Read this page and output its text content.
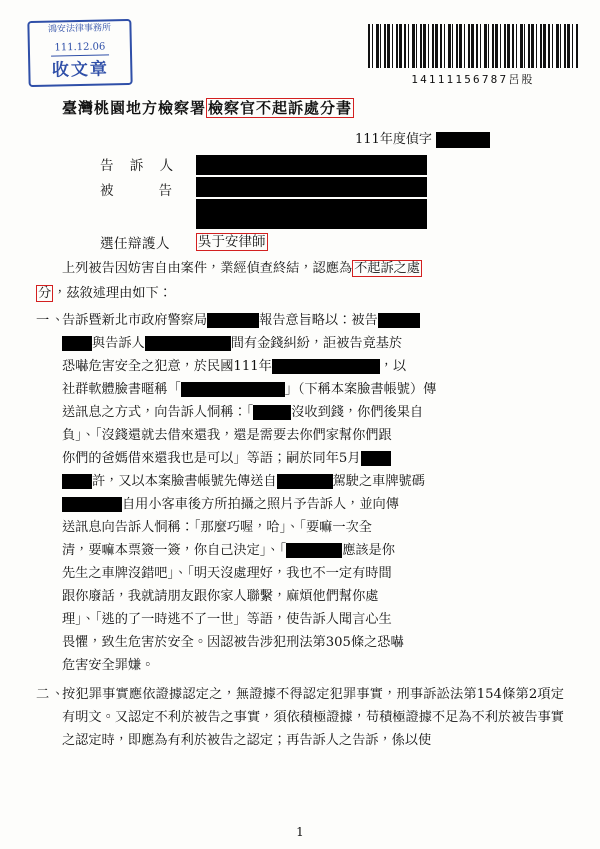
鴻安法律事務所
111.12.06
收文章	14111156787呂股
臺灣桃園地方檢察署 檢察官不起訴處分書
111年度偵字
告 訴 人
被　　告
選任辯護人 吳于安律師
上列被告因妨害自由案件，業經偵查終結，認應為 不起訴之處
分 ，茲敘述理由如下：
一、
告訴暨新北市政府警察局	報告意旨略以：被告
與告訴人	間有金錢糾紛，詎被告竟基於
恐嚇危害安全之犯意，於民國111年	，以
社群軟體臉書暱稱「	」（下稱本案臉書帳號）傳
送訊息之方式，向告訴人恫稱：「	沒收到錢，你們後果自
負」、「沒錢還就去借來還我，還是需要去你們家幫你們跟
你們的爸媽借來還我也是可以」等語；嗣於同年5月
許，又以本案臉書帳號先傳送自	駕駛之車牌號碼
自用小客車後方所拍攝之照片予告訴人，並向傳
送訊息向告訴人恫稱：「那麼巧喔，哈」、「要嘛一次全
清，要嘛本票簽一簽，你自己決定」、「	應該是你
先生之車牌沒錯吧」、「明天沒處理好，我也不一定有時間
跟你廢話，我就請朋友跟你家人聯繫，麻煩他們幫你處
理」、「逃的了一時逃不了一世」等語，使告訴人聞言心生
畏懼，致生危害於安全。因認被告涉犯刑法第305條之恐嚇
危害安全罪嫌。
二、
按犯罪事實應依證據認定之，無證據不得認定犯罪事實，刑事訴訟法第154條第2項定有明文。又認定不利於被告之事實，須依積極證據，苟積極證據不足為不利於被告事實之認定時，即應為有利於被告之認定；再告訴人之告訴，係以使
1
